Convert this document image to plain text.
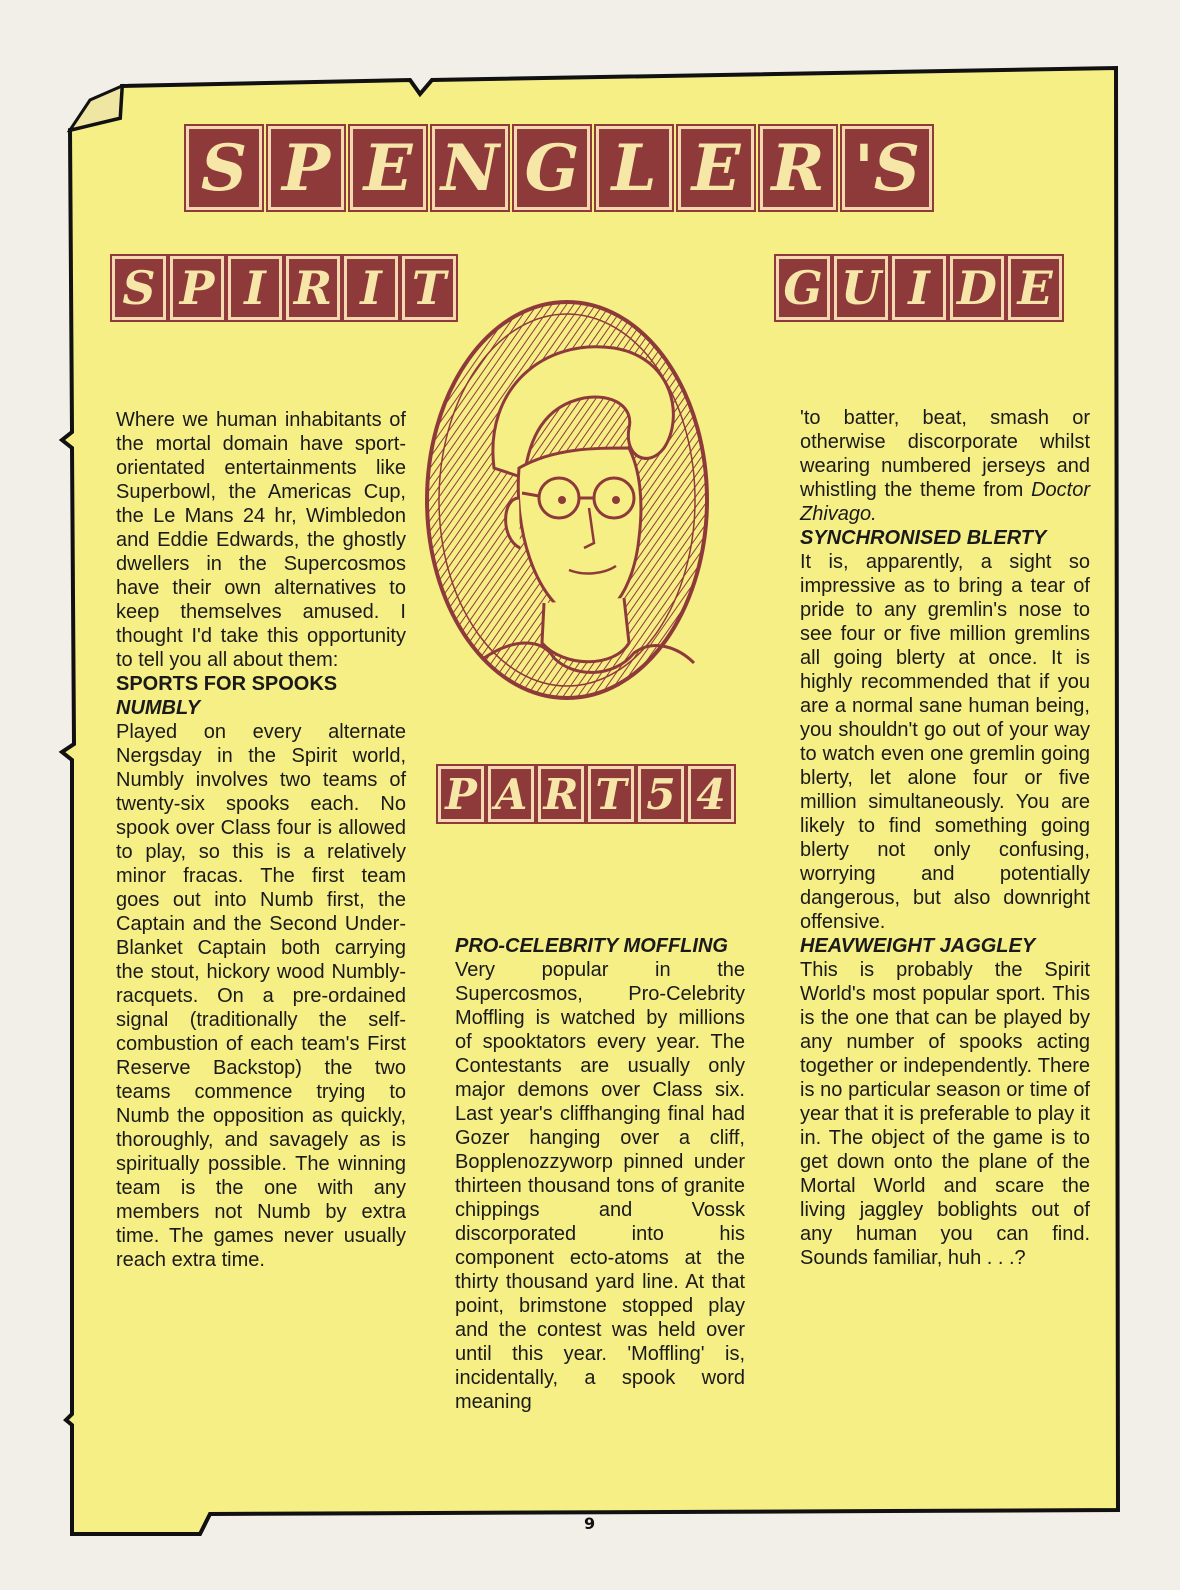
S P E N G L E R 'S
S P I R I T	G U I D E
P A R T 5 4

Where we human inhabitants of the mortal domain have sport-orientated entertainments like Superbowl, the Americas Cup, the Le Mans 24 hr, Wimbledon and Eddie Edwards, the ghostly dwellers in the Supercosmos have their own alternatives to keep themselves amused. I thought I'd take this opportunity to tell you all about them:

SPORTS FOR SPOOKS

NUMBLY

Played on every alternate Nergsday in the Spirit world, Numbly involves two teams of twenty-six spooks each. No spook over Class four is allowed to play, so this is a relatively minor fracas. The first team goes out into Numb first, the Captain and the Second Under-Blanket Captain both carrying the stout, hickory wood Numbly-racquets. On a pre-ordained signal (traditionally the self-combustion of each team's First Reserve Backstop) the two teams commence trying to Numb the opposition as quickly, thoroughly, and savagely as is spiritually possible. The winning team is the one with any members not Numb by extra time. The games never usually reach extra time.

PRO-CELEBRITY MOFFLING

Very popular in the Supercosmos, Pro-Celebrity Moffling is watched by millions of spooktators every year. The Contestants are usually only major demons over Class six. Last year's cliffhanging final had Gozer hanging over a cliff, Bopplenozzyworp pinned under thirteen thousand tons of granite chippings and Vossk discorporated into his component ecto-atoms at the thirty thousand yard line. At that point, brimstone stopped play and the contest was held over until this year. 'Moffling' is, incidentally, a spook word meaning

'to batter, beat, smash or otherwise discorporate whilst wearing numbered jerseys and whistling the theme from Doctor Zhivago.

SYNCHRONISED BLERTY

It is, apparently, a sight so impressive as to bring a tear of pride to any gremlin's nose to see four or five million gremlins all going blerty at once. It is highly recommended that if you are a normal sane human being, you shouldn't go out of your way to watch even one gremlin going blerty, let alone four or five million simultaneously. You are likely to find something going blerty not only confusing, worrying and potentially dangerous, but also downright offensive.

HEAVWEIGHT JAGGLEY

This is probably the Spirit World's most popular sport. This is the one that can be played by any number of spooks acting together or independently. There is no particular season or time of year that it is preferable to play it in. The object of the game is to get down onto the plane of the Mortal World and scare the living jaggley boblights out of any human you can find. Sounds familiar, huh . . .?

9
